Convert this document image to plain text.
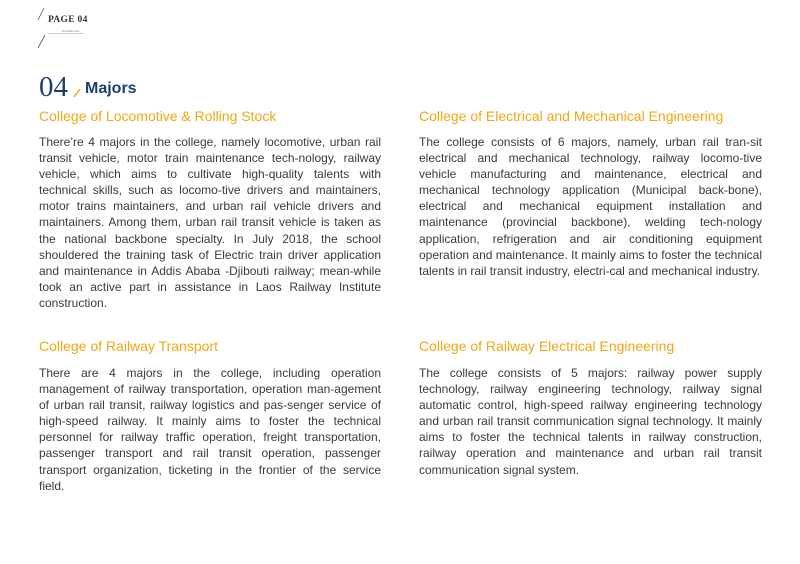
PAGE 04
Introduction
04 Majors
College of Locomotive & Rolling Stock
There’re 4 majors in the college, namely locomotive, urban rail transit vehicle, motor train maintenance tech-nology, railway vehicle, which aims to cultivate high-quality talents with technical skills, such as locomo-tive drivers and maintainers, motor trains maintainers, and urban rail vehicle drivers and maintainers. Among them, urban rail transit vehicle is taken as the national backbone specialty. In July 2018, the school shouldered the training task of Electric train driver application and maintenance in Addis Ababa -Djibouti railway; mean-while took an active part in assistance in Laos Railway Institute construction.
College of Electrical and Mechanical Engineering
The college consists of 6 majors, namely, urban rail tran-sit electrical and mechanical technology, railway locomo-tive vehicle manufacturing and maintenance, electrical and mechanical technology application (Municipal back-bone), electrical and mechanical equipment installation and maintenance (provincial backbone), welding tech-nology application, refrigeration and air conditioning equipment operation and maintenance. It mainly aims to foster the technical talents in rail transit industry, electri-cal and mechanical industry.
College of Railway Transport
There are 4 majors in the college, including operation management of railway transportation, operation man-agement of urban rail transit, railway logistics and pas-senger service of high-speed railway. It mainly aims to foster the technical personnel for railway traffic operation, freight transportation, passenger transport and rail transit operation, passenger transport organization, ticketing in the frontier of the service field.
College of Railway Electrical Engineering
The college consists of 5 majors: railway power supply technology, railway engineering technology, railway signal automatic control, high-speed railway engineering technology and urban rail transit communication signal technology. It mainly aims to foster the technical talents in railway construction, railway operation and maintenance and urban rail transit communication signal system.
